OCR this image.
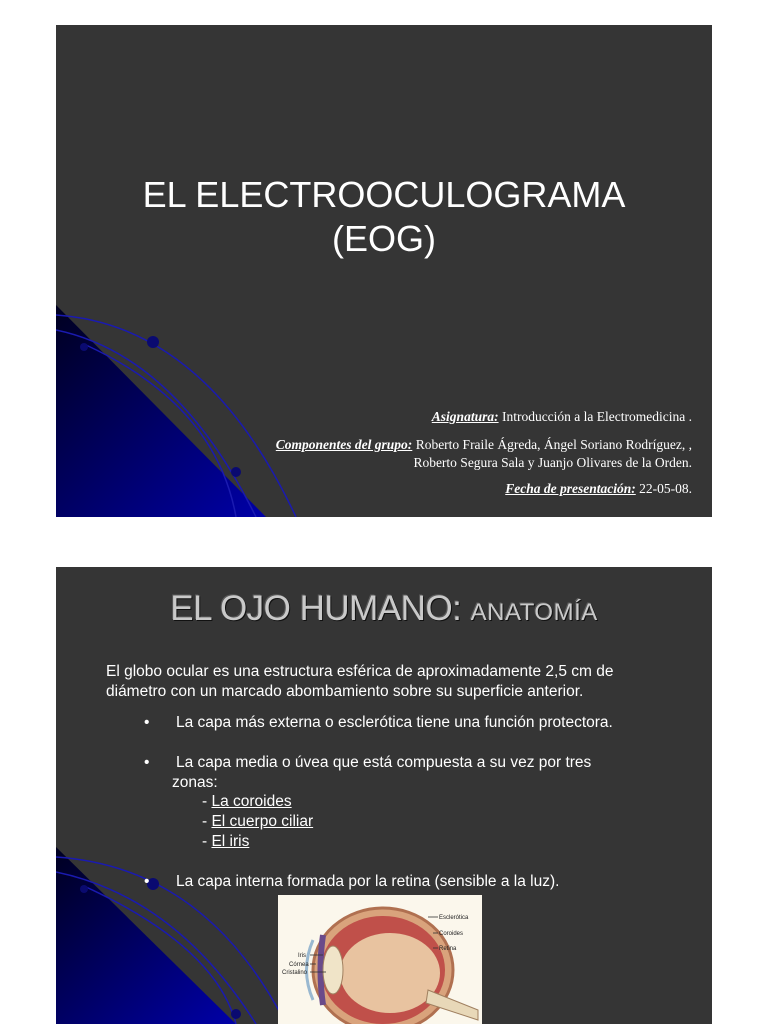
EL ELECTROOCULOGRAMA
(EOG)
Asignatura: Introducción a la Electromedicina .
Componentes del grupo: Roberto Fraile Ágreda, Ángel Soriano Rodríguez, ,
Roberto Segura Sala y Juanjo Olivares de la Orden.
Fecha de presentación: 22-05-08.
EL OJO HUMANO: ANATOMÍA
El globo ocular es una estructura esférica de aproximadamente 2,5 cm de diámetro con un marcado abombamiento sobre su superficie anterior.
• La capa más externa o esclerótica tiene una función protectora.
• La capa media o úvea que está compuesta a su vez por tres
zonas:
- La coroides
- El cuerpo ciliar
- El iris
• La capa interna formada por la retina (sensible a la luz).
Esclerótica
Coroides
Retina
Iris
Córnea
Cristalino
